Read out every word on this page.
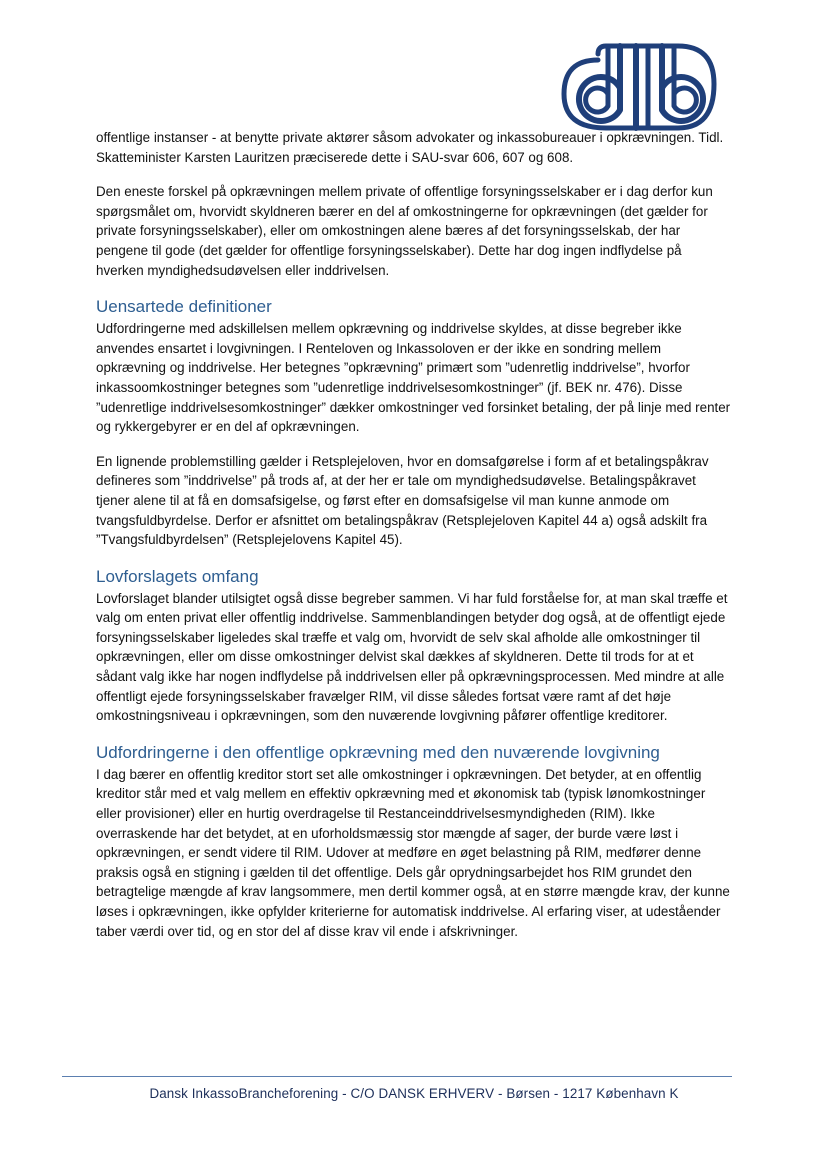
offentlige instanser - at benytte private aktører såsom advokater og inkassobureauer i opkrævningen. Tidl. Skatteminister Karsten Lauritzen præciserede dette i SAU-svar 606, 607 og 608.

Den eneste forskel på opkrævningen mellem private of offentlige forsyningsselskaber er i dag derfor kun spørgsmålet om, hvorvidt skyldneren bærer en del af omkostningerne for opkrævningen (det gælder for private forsyningsselskaber), eller om omkostningen alene bæres af det forsyningsselskab, der har pengene til gode (det gælder for offentlige forsyningsselskaber). Dette har dog ingen indflydelse på hverken myndighedsudøvelsen eller inddrivelsen.

Uensartede definitioner

Udfordringerne med adskillelsen mellem opkrævning og inddrivelse skyldes, at disse begreber ikke anvendes ensartet i lovgivningen. I Renteloven og Inkassoloven er der ikke en sondring mellem opkrævning og inddrivelse. Her betegnes ”opkrævning” primært som ”udenretlig inddrivelse”, hvorfor inkassoomkostninger betegnes som ”udenretlige inddrivelsesomkostninger” (jf. BEK nr. 476). Disse ”udenretlige inddrivelsesomkostninger” dækker omkostninger ved forsinket betaling, der på linje med renter og rykkergebyrer er en del af opkrævningen.

En lignende problemstilling gælder i Retsplejeloven, hvor en domsafgørelse i form af et betalingspåkrav defineres som ”inddrivelse” på trods af, at der her er tale om myndighedsudøvelse. Betalingspåkravet tjener alene til at få en domsafsigelse, og først efter en domsafsigelse vil man kunne anmode om tvangsfuldbyrdelse. Derfor er afsnittet om betalingspåkrav (Retsplejeloven Kapitel 44 a) også adskilt fra ”Tvangsfuldbyrdelsen” (Retsplejelovens Kapitel 45).

Lovforslagets omfang

Lovforslaget blander utilsigtet også disse begreber sammen. Vi har fuld forståelse for, at man skal træffe et valg om enten privat eller offentlig inddrivelse. Sammenblandingen betyder dog også, at de offentligt ejede forsyningsselskaber ligeledes skal træffe et valg om, hvorvidt de selv skal afholde alle omkostninger til opkrævningen, eller om disse omkostninger delvist skal dækkes af skyldneren. Dette til trods for at et sådant valg ikke har nogen indflydelse på inddrivelsen eller på opkrævningsprocessen. Med mindre at alle offentligt ejede forsyningsselskaber fravælger RIM, vil disse således fortsat være ramt af det høje omkostningsniveau i opkrævningen, som den nuværende lovgivning påfører offentlige kreditorer.

Udfordringerne i den offentlige opkrævning med den nuværende lovgivning

I dag bærer en offentlig kreditor stort set alle omkostninger i opkrævningen. Det betyder, at en offentlig kreditor står med et valg mellem en effektiv opkrævning med et økonomisk tab (typisk lønomkostninger eller provisioner) eller en hurtig overdragelse til Restanceinddrivelsesmyndigheden (RIM). Ikke overraskende har det betydet, at en uforholdsmæssig stor mængde af sager, der burde være løst i opkrævningen, er sendt videre til RIM. Udover at medføre en øget belastning på RIM, medfører denne praksis også en stigning i gælden til det offentlige. Dels går oprydningsarbejdet hos RIM grundet den betragtelige mængde af krav langsommere, men dertil kommer også, at en større mængde krav, der kunne løses i opkrævningen, ikke opfylder kriterierne for automatisk inddrivelse. Al erfaring viser, at udeståender taber værdi over tid, og en stor del af disse krav vil ende i afskrivninger.

Dansk InkassoBrancheforening - C/O DANSK ERHVERV - Børsen - 1217 København K
